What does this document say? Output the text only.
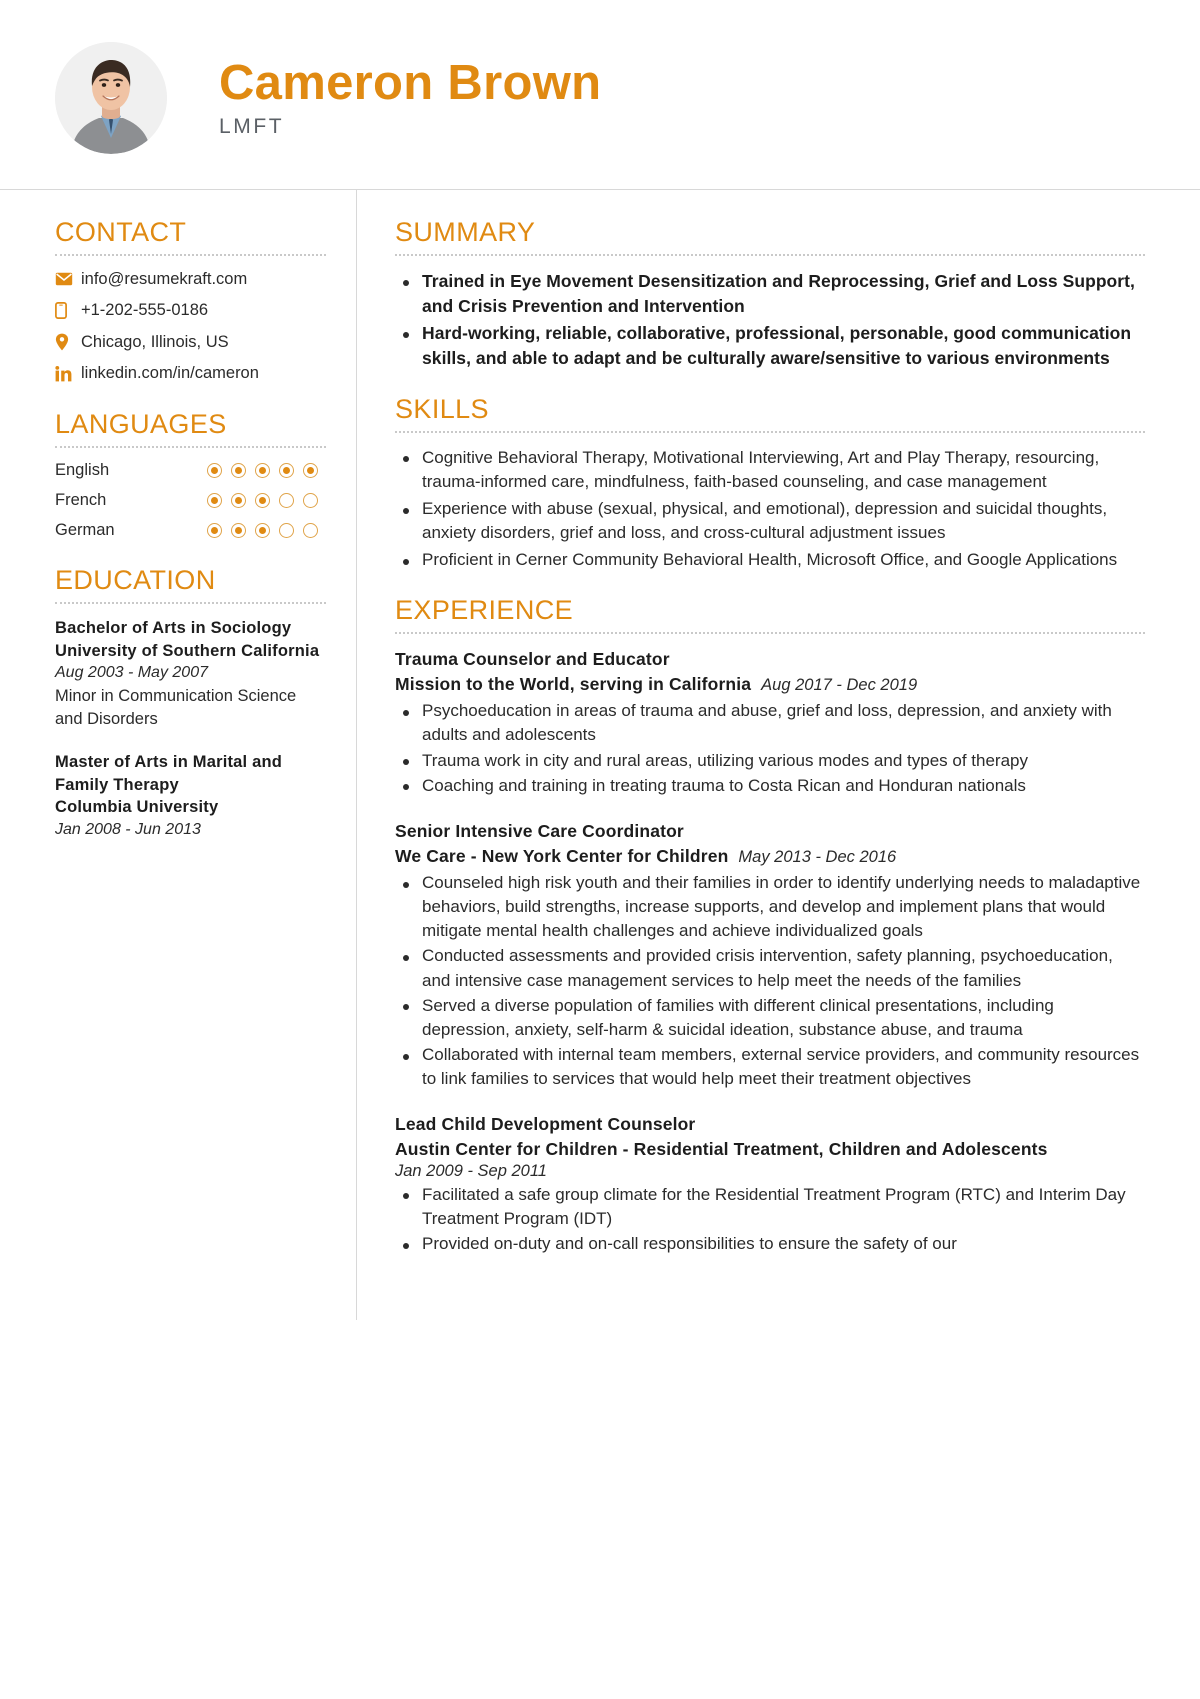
Cameron Brown
LMFT
CONTACT
info@resumekraft.com
+1-202-555-0186
Chicago, Illinois, US
linkedin.com/in/cameron
LANGUAGES
English
French
German
EDUCATION
Bachelor of Arts in Sociology
University of Southern California
Aug 2003 - May 2007
Minor in Communication Science and Disorders
Master of Arts in Marital and Family Therapy
Columbia University
Jan 2008 - Jun 2013
SUMMARY
Trained in Eye Movement Desensitization and Reprocessing, Grief and Loss Support, and Crisis Prevention and Intervention
Hard-working, reliable, collaborative, professional, personable, good communication skills, and able to adapt and be culturally aware/sensitive to various environments
SKILLS
Cognitive Behavioral Therapy, Motivational Interviewing, Art and Play Therapy, resourcing, trauma-informed care, mindfulness, faith-based counseling, and case management
Experience with abuse (sexual, physical, and emotional), depression and suicidal thoughts, anxiety disorders, grief and loss, and cross-cultural adjustment issues
Proficient in Cerner Community Behavioral Health, Microsoft Office, and Google Applications
EXPERIENCE
Trauma Counselor and Educator
Mission to the World, serving in California Aug 2017 - Dec 2019
Psychoeducation in areas of trauma and abuse, grief and loss, depression, and anxiety with adults and adolescents
Trauma work in city and rural areas, utilizing various modes and types of therapy
Coaching and training in treating trauma to Costa Rican and Honduran nationals
Senior Intensive Care Coordinator
We Care - New York Center for Children May 2013 - Dec 2016
Counseled high risk youth and their families in order to identify underlying needs to maladaptive behaviors, build strengths, increase supports, and develop and implement plans that would mitigate mental health challenges and achieve individualized goals
Conducted assessments and provided crisis intervention, safety planning, psychoeducation, and intensive case management services to help meet the needs of the families
Served a diverse population of families with different clinical presentations, including depression, anxiety, self-harm & suicidal ideation, substance abuse, and trauma
Collaborated with internal team members, external service providers, and community resources to link families to services that would help meet their treatment objectives
Lead Child Development Counselor
Austin Center for Children - Residential Treatment, Children and Adolescents
Jan 2009 - Sep 2011
Facilitated a safe group climate for the Residential Treatment Program (RTC) and Interim Day Treatment Program (IDT)
Provided on-duty and on-call responsibilities to ensure the safety of our
